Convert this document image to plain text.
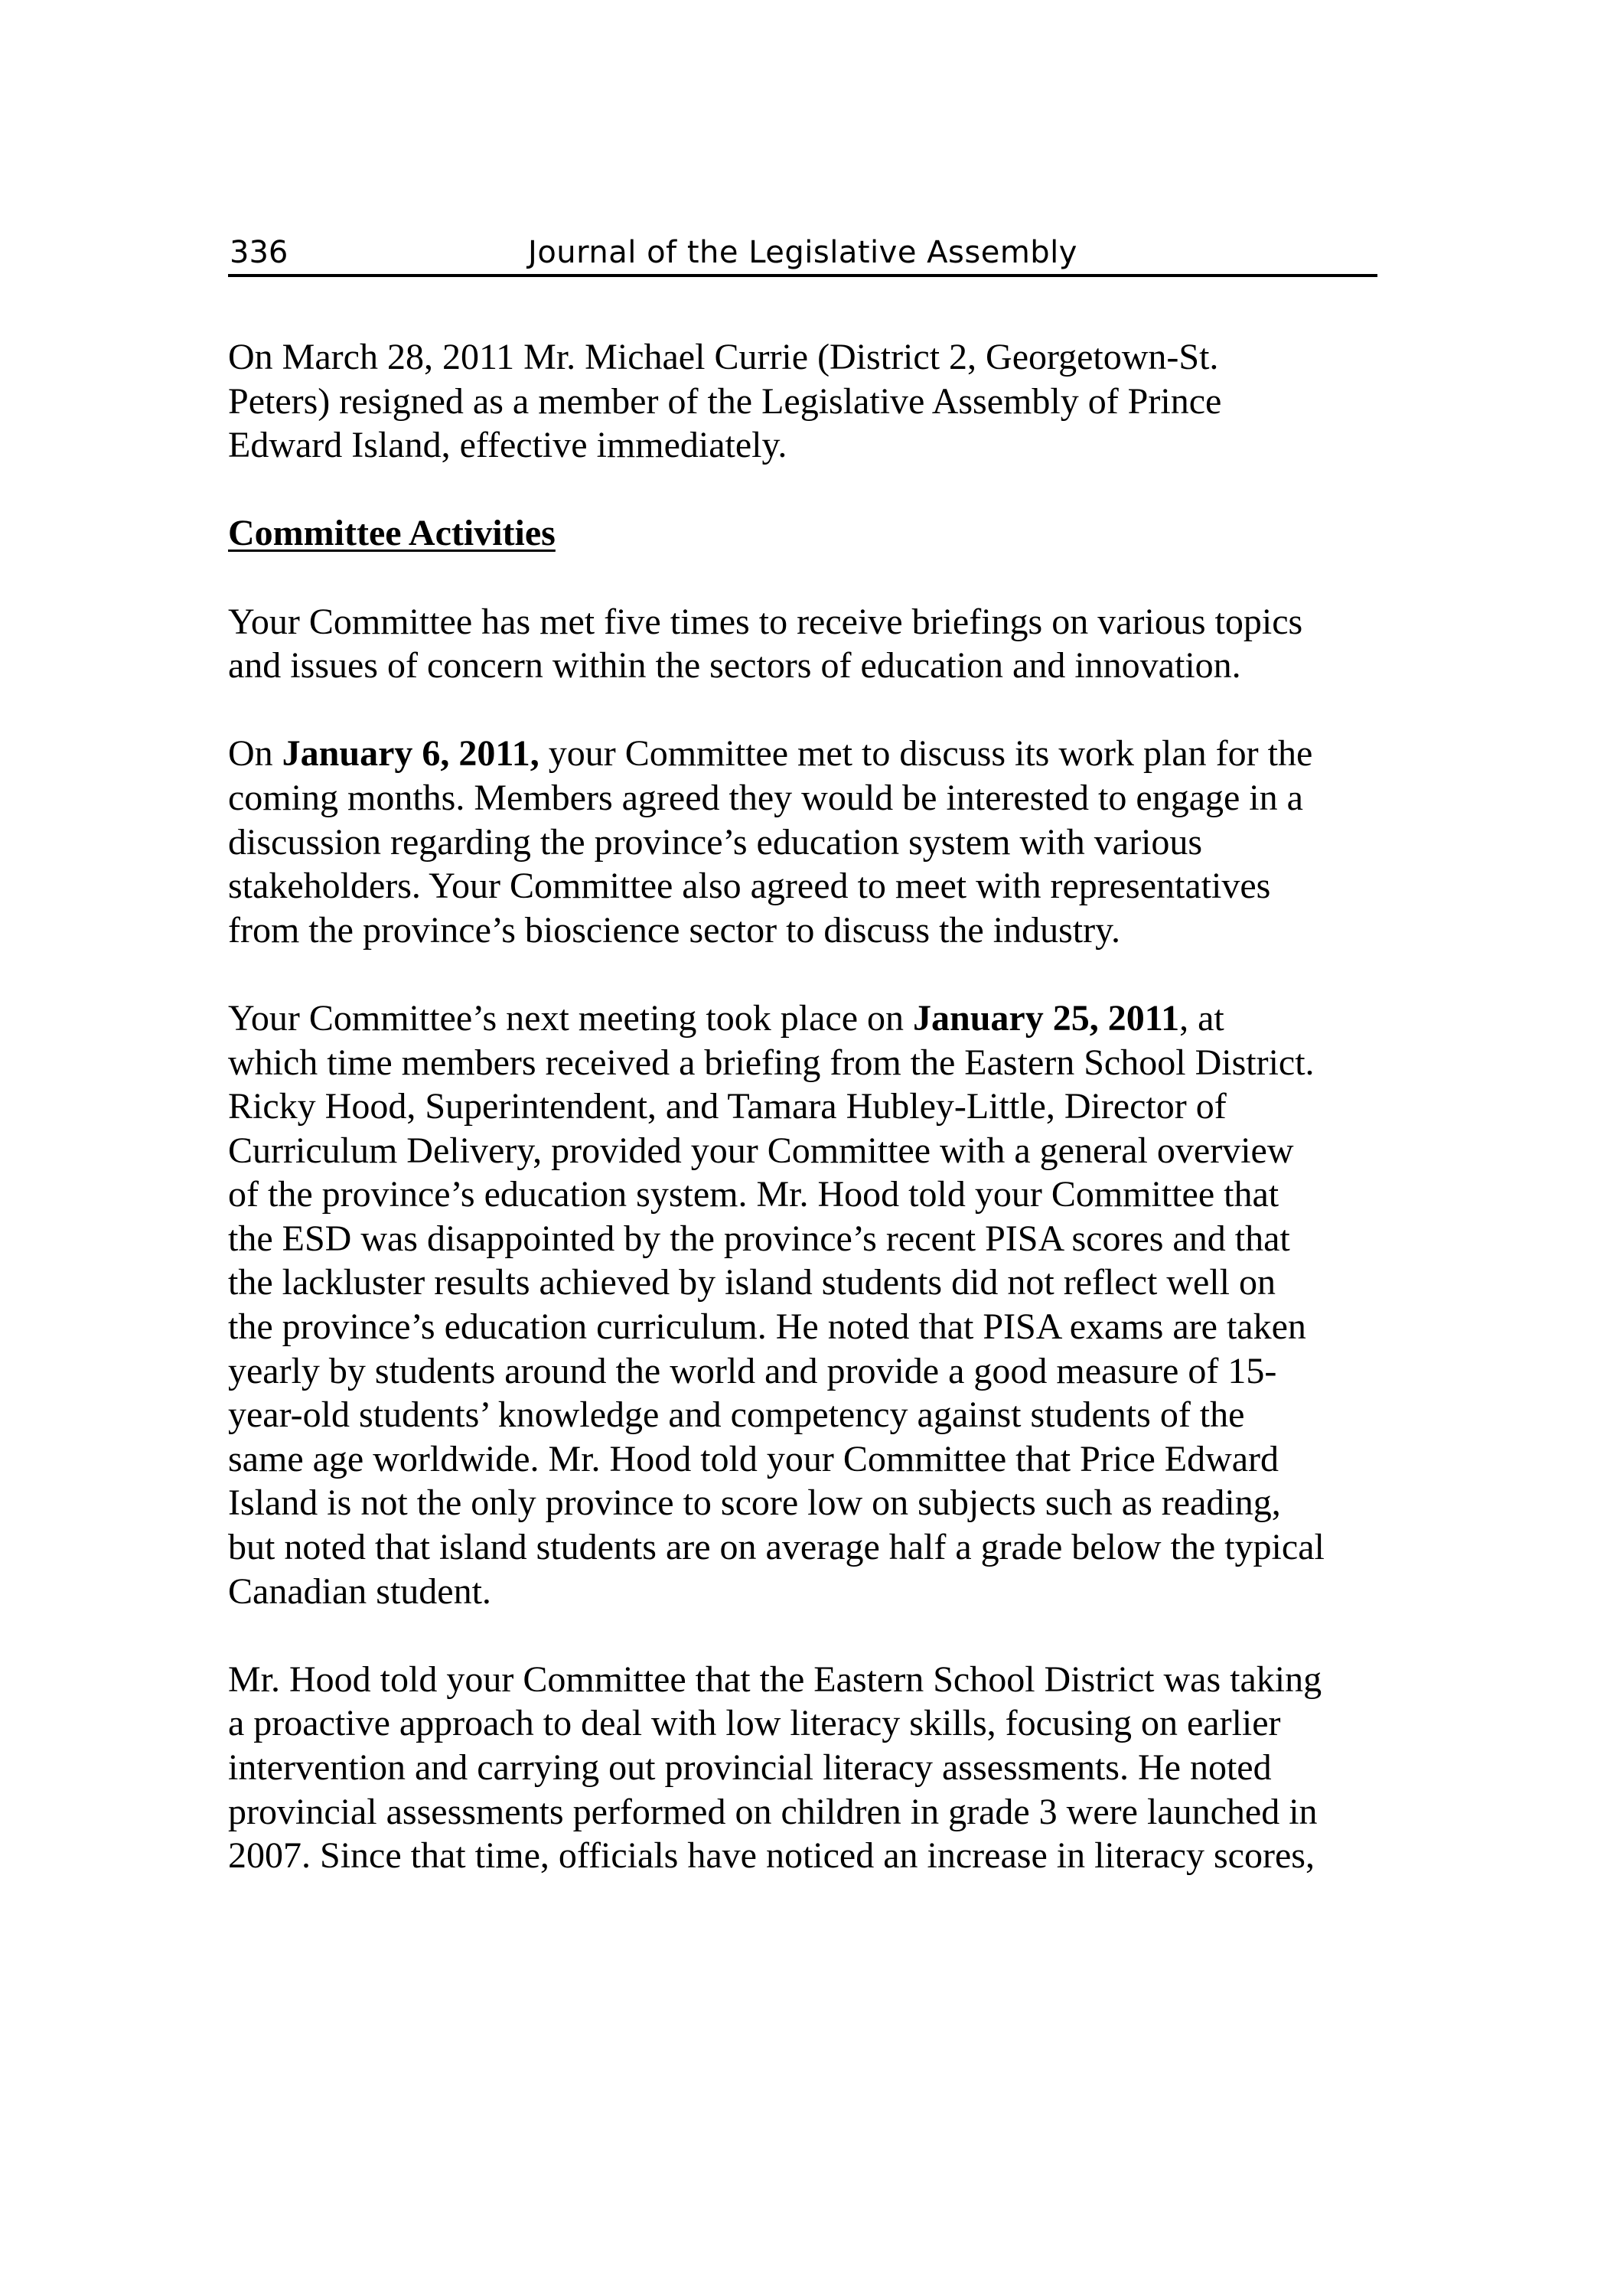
336	Journal of the Legislative Assembly

On March 28, 2011 Mr. Michael Currie (District 2, Georgetown-St.
Peters) resigned as a member of the Legislative Assembly of Prince
Edward Island, effective immediately.

Committee Activities

Your Committee has met five times to receive briefings on various topics
and issues of concern within the sectors of education and innovation.

On January 6, 2011, your Committee met to discuss its work plan for the
coming months. Members agreed they would be interested to engage in a
discussion regarding the province’s education system with various
stakeholders. Your Committee also agreed to meet with representatives
from the province’s bioscience sector to discuss the industry.

Your Committee’s next meeting took place on January 25, 2011, at
which time members received a briefing from the Eastern School District.
Ricky Hood, Superintendent, and Tamara Hubley-Little, Director of
Curriculum Delivery, provided your Committee with a general overview
of the province’s education system. Mr. Hood told your Committee that
the ESD was disappointed by the province’s recent PISA scores and that
the lackluster results achieved by island students did not reflect well on
the province’s education curriculum. He noted that PISA exams are taken
yearly by students around the world and provide a good measure of 15-
year-old students’ knowledge and competency against students of the
same age worldwide. Mr. Hood told your Committee that Price Edward
Island is not the only province to score low on subjects such as reading,
but noted that island students are on average half a grade below the typical
Canadian student.

Mr. Hood told your Committee that the Eastern School District was taking
a proactive approach to deal with low literacy skills, focusing on earlier
intervention and carrying out provincial literacy assessments. He noted
provincial assessments performed on children in grade 3 were launched in
2007. Since that time, officials have noticed an increase in literacy scores,
